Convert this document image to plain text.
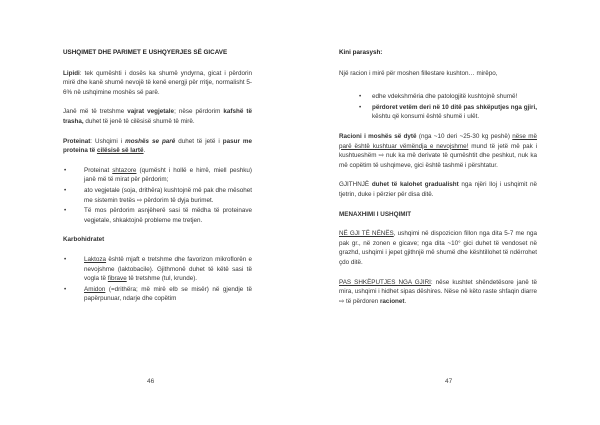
USHQIMET DHE PARIMET E USHQYERJES SË GICAVE

Lipidi: tek qumështi i dosës ka shumë yndyrna, gicat i përdorin mirë dhe kanë shumë nevojë të kenë energji për rritje, normalisht 5-6% në ushqimine moshës së parë.

Janë më të tretshme vajrat vegjetale; nëse përdorim kafshë të trasha, duhet të jenë të cilësisë shumë të mirë.

Proteinat: Ushqimi i moshës se parë duhet të jetë i pasur me proteina të cilësisë së lartë.

•	Proteinat shtazore (qumësht i hollë e hirrë, miell peshku) janë më të mirat për përdorim;
•	ato vegjetale (soja, drithëra) kushtojnë më pak dhe mësohet me sistemin tretës ⇨ përdorim të dyja burimet.
•	Të mos përdorim asnjëherë sasi të mëdha të proteinave vegjetale, shkaktojnë probleme me tretjen.

Karbohidratet

•	Laktoza është mjaft e tretshme dhe favorizon mikroflorën e nevojshme (laktobacile). Gjithmonë duhet të këtë sasi të vogla të fibrave të tretshme (tul, krunde).
•	Amidon (=drithëra; më mirë elb se misër) në gjendje të papërpunuar, ndarje dhe copëtim
46

Kini parasysh:

Një racion i mirë për moshen fillestare kushton… mirëpo,

• edhe vdekshmëria dhe patologjitë kushtojnë shumë!
• përdoret vetëm deri në 10 ditë pas shkëputjes nga gjiri, kështu që konsumi është shumë i ulët.

Racioni i moshës së dytë (nga ~10 deri ~25-30 kg peshë) nëse më parë është kushtuar vëmëndja e nevojshme! mund të jetë më pak i kushtueshëm ⇨ nuk ka më derivate të qumështit dhe peshkut, nuk ka më copëtim të ushqimeve, gici është tashmë i përshtatur.

GJITHNJË duhet të kalohet gradualisht nga njëri lloj i ushqimit në tjetrin, duke i përzier për disa ditë.

MENAXHIMI I USHQIMIT

NË GJI TË NËNËS, ushqimi në dispozicion fillon nga dita 5-7 me nga pak gr., në zonen e gicave; nga dita ~10° gici duhet të vendoset në grazhd, ushqimi i jepet gjithnjë më shumë dhe kështillohet të ndërrohet çdo ditë.

PAS SHKËPUTJES NGA GJIRI: nëse kushtet shëndetësore janë të mira, ushqimi i hidhet sipas dëshires. Nëse në këto raste shfaqin diarre ⇨ të përdoren racionet.

47
